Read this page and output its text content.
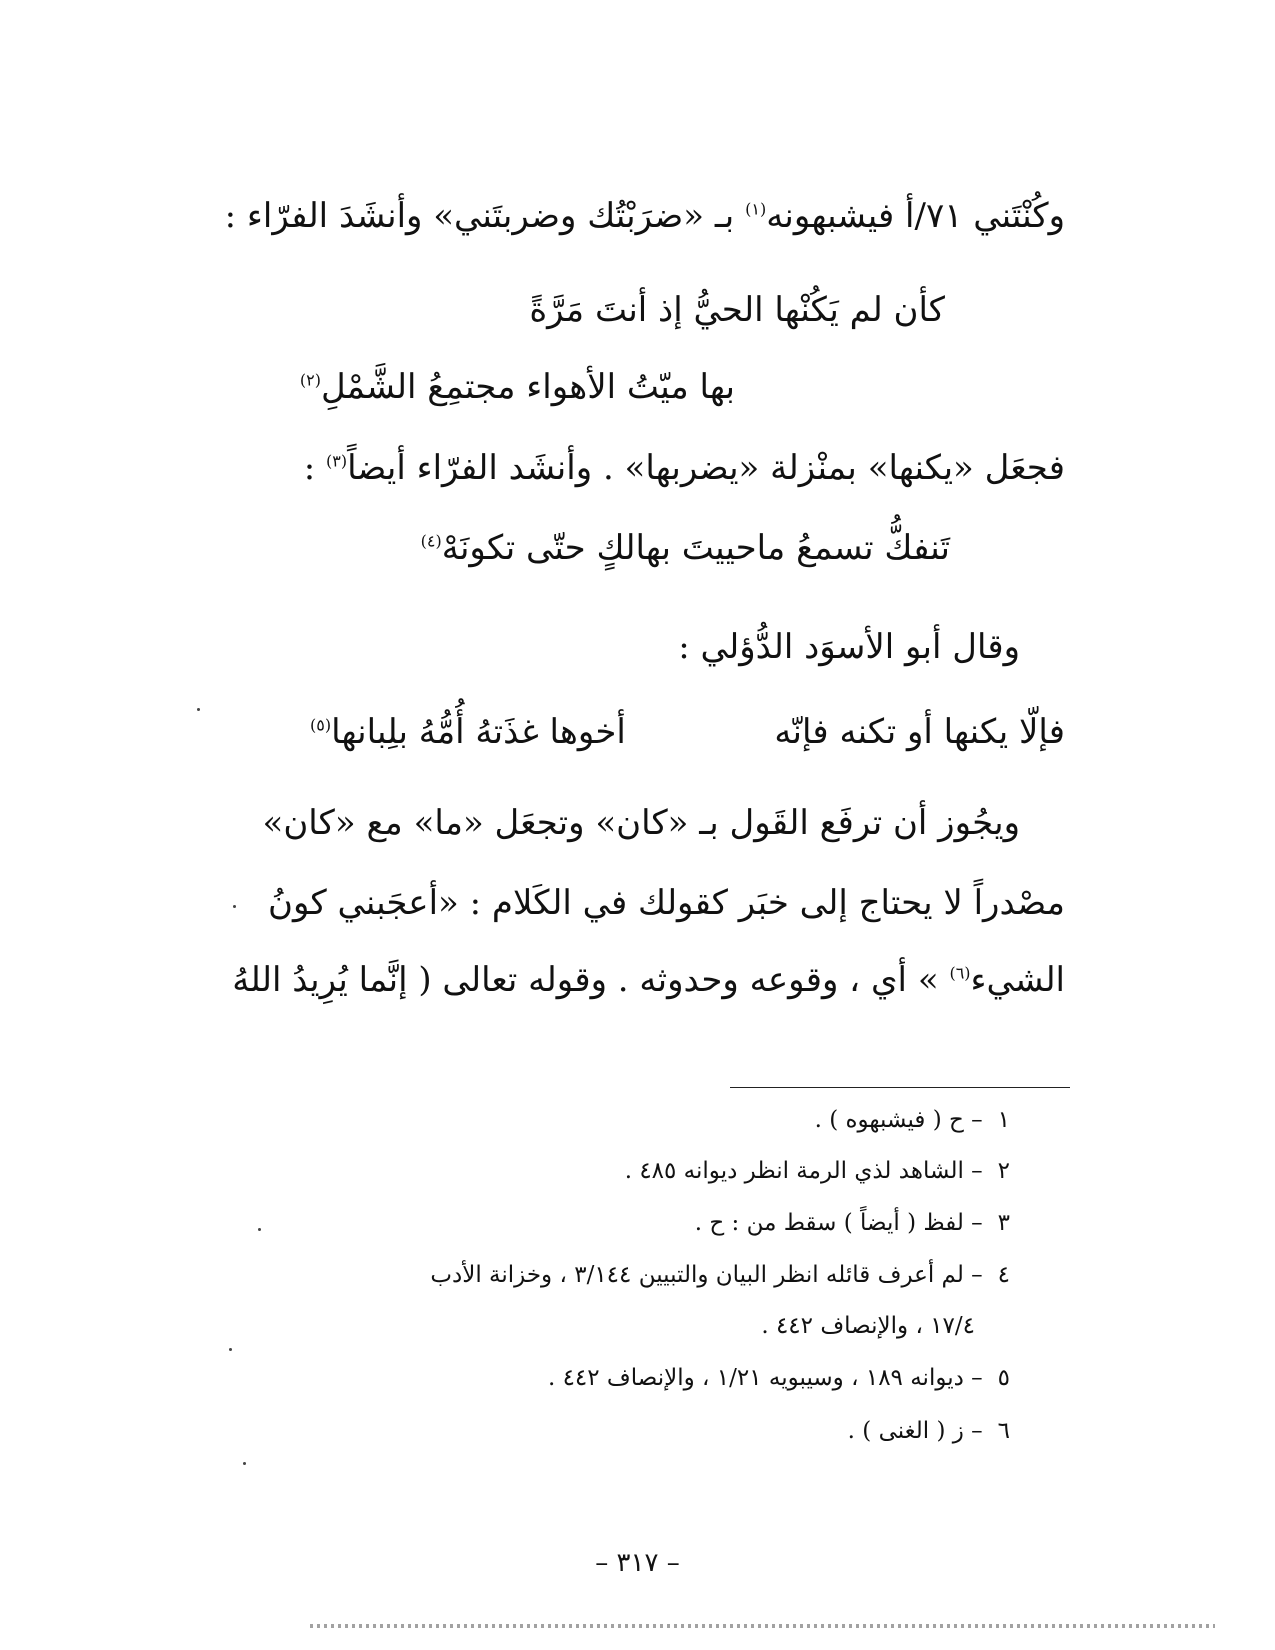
وكُنْتَني ٧١/أ فيشبهونه$^{(١)}$ بـ «ضرَبْتُك وضربتَني» وأنشَدَ الفرّاء :
كأن لم يَكُنْها الحيُّ إذ أنتَ مَرَّةً
بها ميّتُ الأهواء مجتمِعُ الشَّمْلِ$^{(٢)}$
فجعَل «يكنها» بمنْزلة «يضربها» . وأنشَد الفرّاء أيضاً$^{(٣)}$ :
تَنفكُّ تسمعُ ماحييتَ بهالكٍ حتّى تكونَهْ$^{(٤)}$
وقال أبو الأسوَد الدُّؤلي :
فإلّا يكنها أو تكنه فإنّه
أخوها غذَتهُ أُمُّهُ بلِبانها$^{(٥)}$
ويجُوز أن ترفَع القَول بـ «كان» وتجعَل «ما» مع «كان»
مصْدراً لا يحتاج إلى خبَر كقولك في الكَلام : «أعجَبني كونُ
الشيء$^{(٦)}$ » أي ، وقوعه وحدوثه . وقوله تعالى ( إنَّما يُرِيدُ اللهُ
١ – ح ( فيشبهوه ) .
٢ – الشاهد لذي الرمة انظر ديوانه ٤٨٥ .
٣ – لفظ ( أيضاً ) سقط من : ح .
٤ – لم أعرف قائله انظر البيان والتبيين ٣/١٤٤ ، وخزانة الأدب
١٧/٤ ، والإنصاف ٤٤٢ .
٥ – ديوانه ١٨٩ ، وسيبويه ١/٢١ ، والإنصاف ٤٤٢ .
٦ – ز ( الغنى ) .
– ٣١٧ –
